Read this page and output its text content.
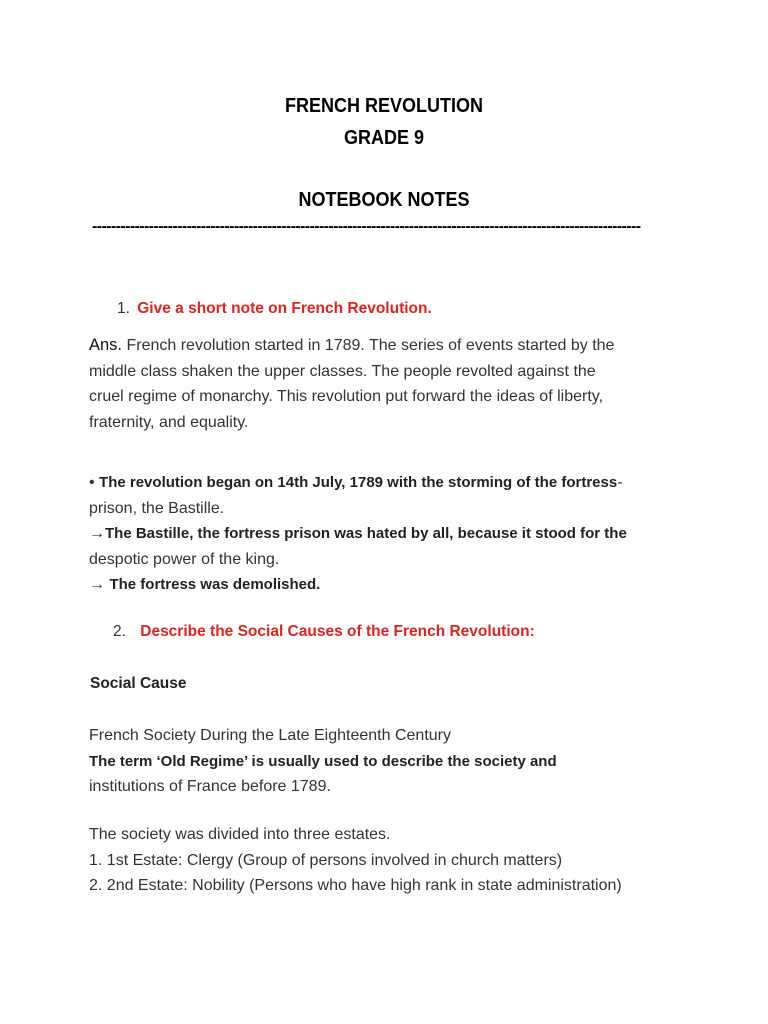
FRENCH REVOLUTION
GRADE 9
NOTEBOOK NOTES
--------------------------------------------------------------------------------------------------------------------
1. Give a short note on French Revolution.
Ans. French revolution started in 1789. The series of events started by the
middle class shaken the upper classes. The people revolted against the
cruel regime of monarchy. This revolution put forward the ideas of liberty,
fraternity, and equality.
• The revolution began on 14th July, 1789 with the storming of the fortress-
prison, the Bastille.
→The Bastille, the fortress prison was hated by all, because it stood for the
despotic power of the king.
→ The fortress was demolished.
2. Describe the Social Causes of the French Revolution:
Social Cause
French Society During the Late Eighteenth Century
The term ‘Old Regime’ is usually used to describe the society and
institutions of France before 1789.
The society was divided into three estates.
1. 1st Estate: Clergy (Group of persons involved in church matters)
2. 2nd Estate: Nobility (Persons who have high rank in state administration)
